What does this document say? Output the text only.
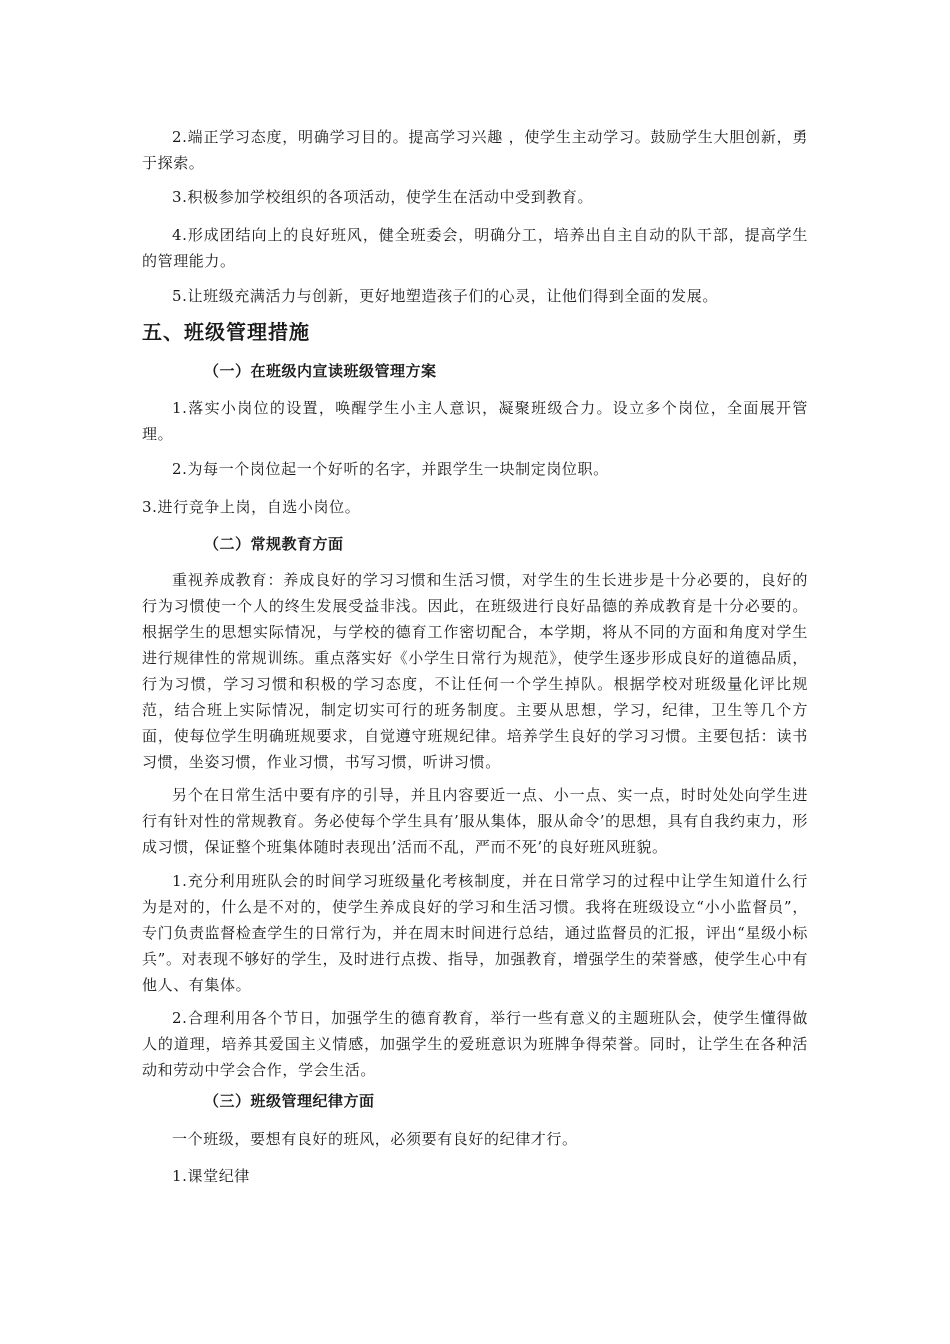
2.端正学习态度，明确学习目的。提高学习兴趣 ，使学生主动学习。鼓励学生大胆创新，勇于探索。

3.积极参加学校组织的各项活动，使学生在活动中受到教育。

4.形成团结向上的良好班风，健全班委会，明确分工，培养出自主自动的队干部，提高学生的管理能力。

5.让班级充满活力与创新，更好地塑造孩子们的心灵，让他们得到全面的发展。

五、班级管理措施
（一）在班级内宣读班级管理方案

1.落实小岗位的设置，唤醒学生小主人意识，凝聚班级合力。设立多个岗位，全面展开管理。

2.为每一个岗位起一个好听的名字，并跟学生一块制定岗位职。

3.进行竞争上岗，自选小岗位。

（二）常规教育方面

重视养成教育：养成良好的学习习惯和生活习惯，对学生的生长进步是十分必要的，良好的行为习惯使一个人的终生发展受益非浅。因此，在班级进行良好品德的养成教育是十分必要的。根据学生的思想实际情况，与学校的德育工作密切配合，本学期，将从不同的方面和角度对学生进行规律性的常规训练。重点落实好《小学生日常行为规范》，使学生逐步形成良好的道德品质，行为习惯，学习习惯和积极的学习态度，不让任何一个学生掉队。根据学校对班级量化评比规范，结合班上实际情况，制定切实可行的班务制度。主要从思想，学习，纪律，卫生等几个方面，使每位学生明确班规要求，自觉遵守班规纪律。培养学生良好的学习习惯。主要包括：读书习惯，坐姿习惯，作业习惯，书写习惯，听讲习惯。

另个在日常生活中要有序的引导，并且内容要近一点、小一点、实一点，时时处处向学生进行有针对性的常规教育。务必使每个学生具有’服从集体，服从命令’的思想，具有自我约束力，形成习惯，保证整个班集体随时表现出’活而不乱，严而不死’的良好班风班貌。

1.充分利用班队会的时间学习班级量化考核制度，并在日常学习的过程中让学生知道什么行为是对的，什么是不对的，使学生养成良好的学习和生活习惯。我将在班级设立“小小监督员”，专门负责监督检查学生的日常行为，并在周末时间进行总结，通过监督员的汇报，评出“星级小标兵”。对表现不够好的学生，及时进行点拨、指导，加强教育，增强学生的荣誉感，使学生心中有他人、有集体。

2.合理利用各个节日，加强学生的德育教育，举行一些有意义的主题班队会，使学生懂得做人的道理，培养其爱国主义情感，加强学生的爱班意识为班牌争得荣誉。同时，让学生在各种活动和劳动中学会合作，学会生活。

（三）班级管理纪律方面

一个班级，要想有良好的班风，必须要有良好的纪律才行。

1.课堂纪律
